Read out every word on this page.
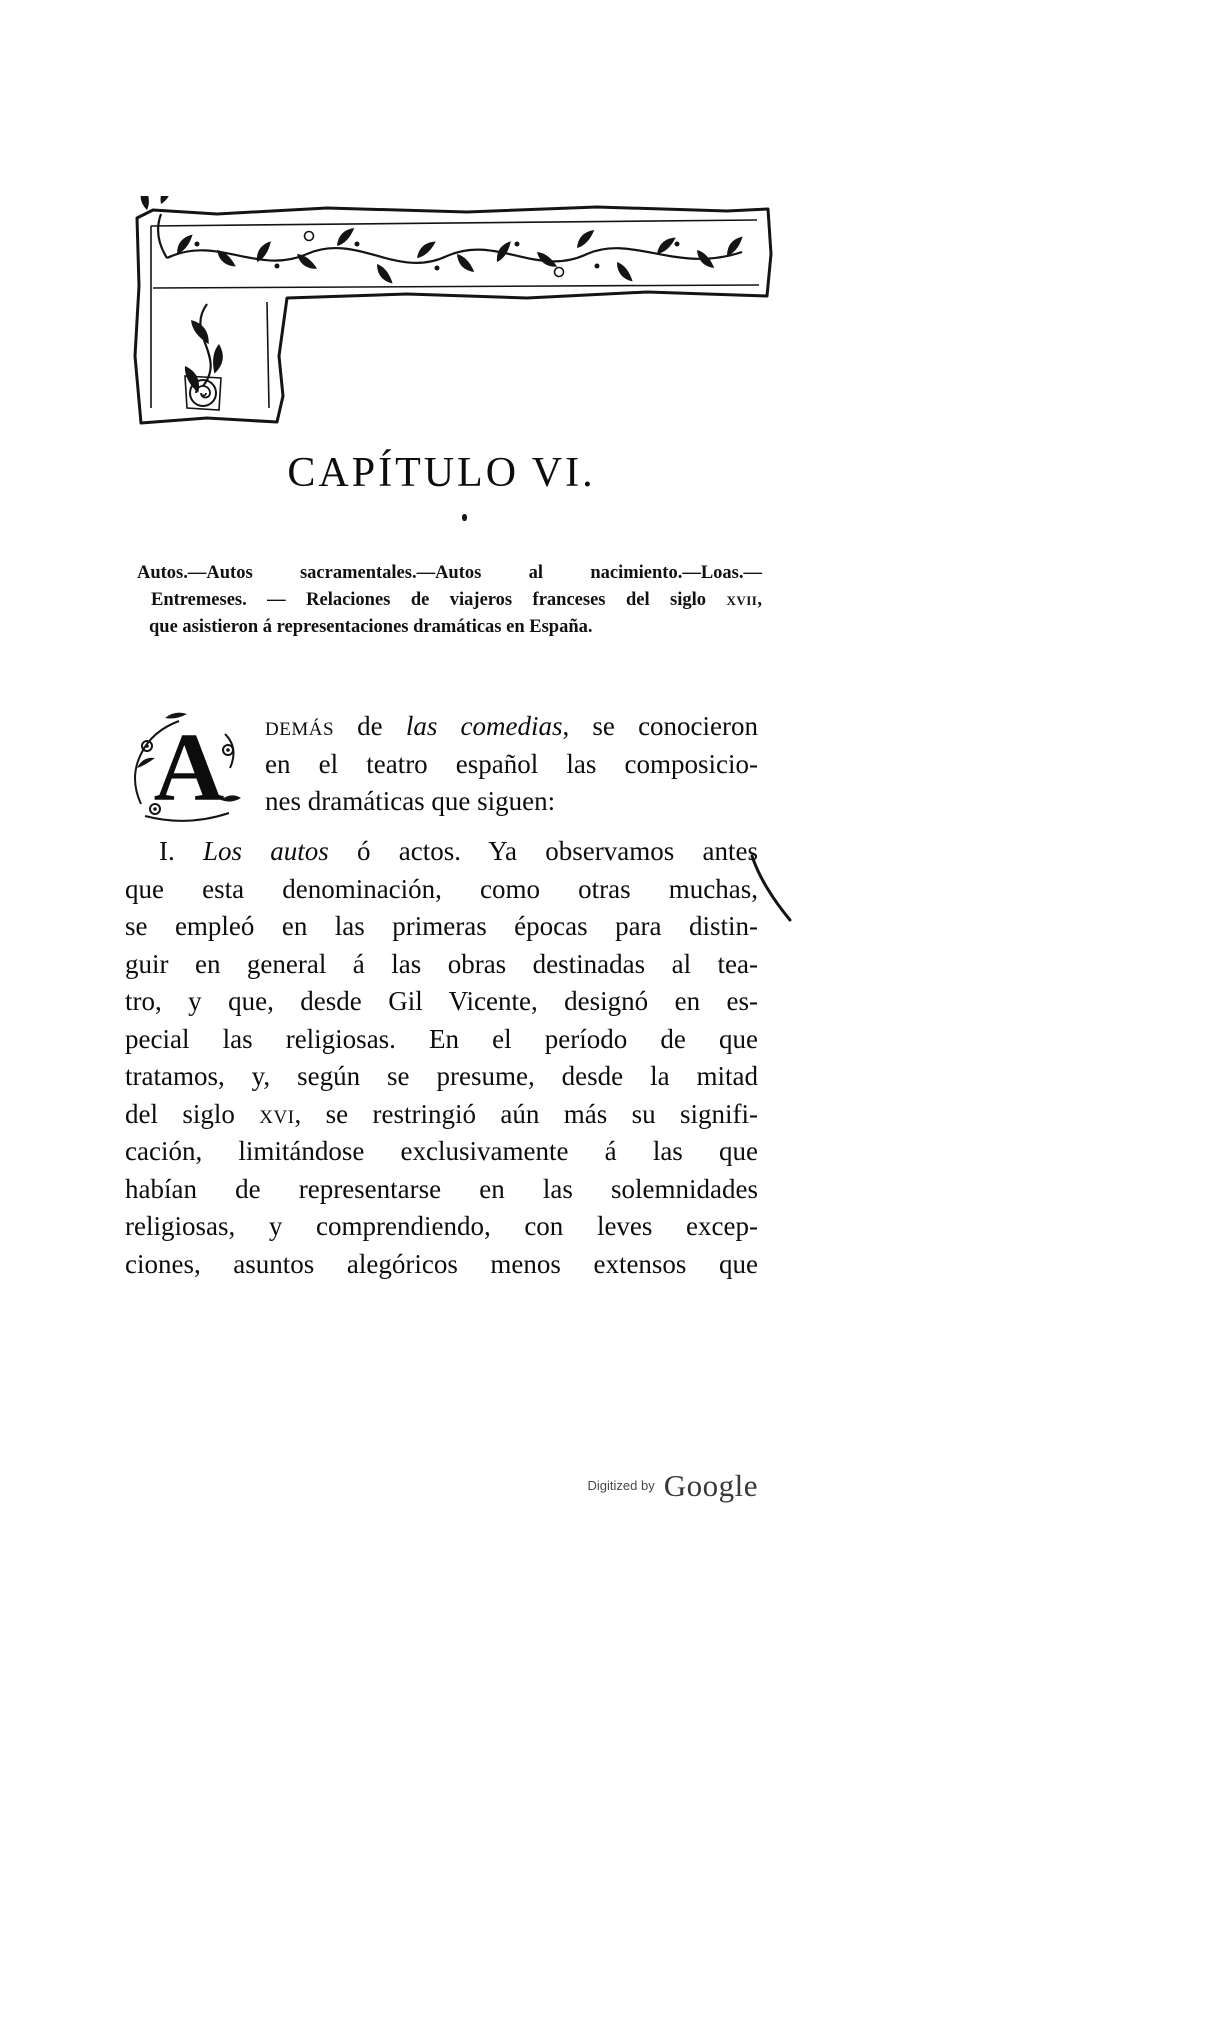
CAPÍTULO VI.
Autos.—Autos sacramentales.—Autos al nacimiento.—Loas.—
Entremeses. — Relaciones de viajeros franceses del siglo xvii,
que asistieron á representaciones dramáticas en España.
A demás de las comedias, se conocieron
en el teatro español las composicio-
nes dramáticas que siguen:
I. Los autos ó actos. Ya observamos antes
que esta denominación, como otras muchas,
se empleó en las primeras épocas para distin-
guir en general á las obras destinadas al tea-
tro, y que, desde Gil Vicente, designó en es-
pecial las religiosas. En el período de que
tratamos, y, según se presume, desde la mitad
del siglo xvi, se restringió aún más su signifi-
cación, limitándose exclusivamente á las que
habían de representarse en las solemnidades
religiosas, y comprendiendo, con leves excep-
ciones, asuntos alegóricos menos extensos que
$^{Digitized by}$ Google
